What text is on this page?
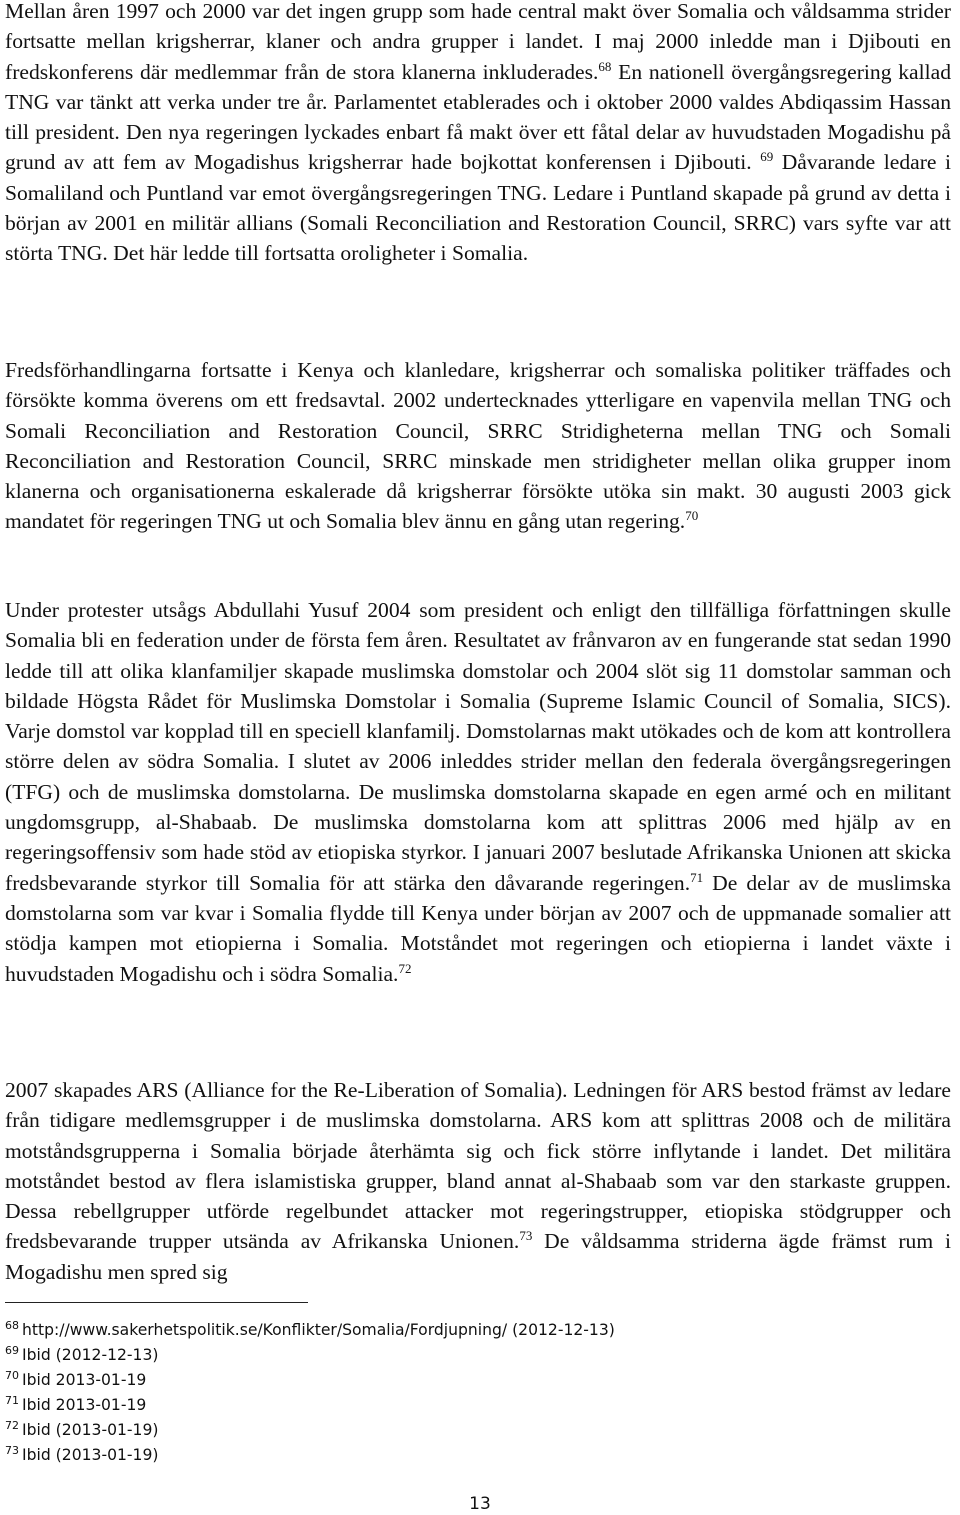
Mellan åren 1997 och 2000 var det ingen grupp som hade central makt över Somalia och våldsamma strider fortsatte mellan krigsherrar, klaner och andra grupper i landet. I maj 2000 inledde man i Djibouti en fredskonferens där medlemmar från de stora klanerna inkluderades.$^{68}$ En nationell övergångsregering kallad TNG var tänkt att verka under tre år. Parlamentet etablerades och i oktober 2000 valdes Abdiqassim Hassan till president. Den nya regeringen lyckades enbart få makt över ett fåtal delar av huvudstaden Mogadishu på grund av att fem av Mogadishus krigsherrar hade bojkottat konferensen i Djibouti. $^{69}$ Dåvarande ledare i Somaliland och Puntland var emot övergångsregeringen TNG. Ledare i Puntland skapade på grund av detta i början av 2001 en militär allians (Somali Reconciliation and Restoration Council, SRRC) vars syfte var att störta TNG. Det här ledde till fortsatta oroligheter i Somalia.

Fredsförhandlingarna fortsatte i Kenya och klanledare, krigsherrar och somaliska politiker träffades och försökte komma överens om ett fredsavtal. 2002 undertecknades ytterligare en vapenvila mellan TNG och Somali Reconciliation and Restoration Council, SRRC Stridigheterna mellan TNG och Somali Reconciliation and Restoration Council, SRRC minskade men stridigheter mellan olika grupper inom klanerna och organisationerna eskalerade då krigsherrar försökte utöka sin makt. 30 augusti 2003 gick mandatet för regeringen TNG ut och Somalia blev ännu en gång utan regering.$^{70}$

Under protester utsågs Abdullahi Yusuf 2004 som president och enligt den tillfälliga författningen skulle Somalia bli en federation under de första fem åren. Resultatet av frånvaron av en fungerande stat sedan 1990 ledde till att olika klanfamiljer skapade muslimska domstolar och 2004 slöt sig 11 domstolar samman och bildade Högsta Rådet för Muslimska Domstolar i Somalia (Supreme Islamic Council of Somalia, SICS). Varje domstol var kopplad till en speciell klanfamilj. Domstolarnas makt utökades och de kom att kontrollera större delen av södra Somalia. I slutet av 2006 inleddes strider mellan den federala övergångsregeringen (TFG) och de muslimska domstolarna. De muslimska domstolarna skapade en egen armé och en militant ungdomsgrupp, al-Shabaab. De muslimska domstolarna kom att splittras 2006 med hjälp av en regeringsoffensiv som hade stöd av etiopiska styrkor. I januari 2007 beslutade Afrikanska Unionen att skicka fredsbevarande styrkor till Somalia för att stärka den dåvarande regeringen.$^{71}$ De delar av de muslimska domstolarna som var kvar i Somalia flydde till Kenya under början av 2007 och de uppmanade somalier att stödja kampen mot etiopierna i Somalia. Motståndet mot regeringen och etiopierna i landet växte i huvudstaden Mogadishu och i södra Somalia.$^{72}$

2007 skapades ARS (Alliance for the Re-Liberation of Somalia). Ledningen för ARS bestod främst av ledare från tidigare medlemsgrupper i de muslimska domstolarna. ARS kom att splittras 2008 och de militära motståndsgrupperna i Somalia började återhämta sig och fick större inflytande i landet. Det militära motståndet bestod av flera islamistiska grupper, bland annat al-Shabaab som var den starkaste gruppen. Dessa rebellgrupper utförde regelbundet attacker mot regeringstrupper, etiopiska stödgrupper och fredsbevarande trupper utsända av Afrikanska Unionen.$^{73}$ De våldsamma striderna ägde främst rum i Mogadishu men spred sig

$^{68}$ http://www.sakerhetspolitik.se/Konflikter/Somalia/Fordjupning/ (2012-12-13)
$^{69}$ Ibid (2012-12-13)
$^{70}$ Ibid 2013-01-19
$^{71}$ Ibid 2013-01-19
$^{72}$ Ibid (2013-01-19)
$^{73}$ Ibid (2013-01-19)
13
